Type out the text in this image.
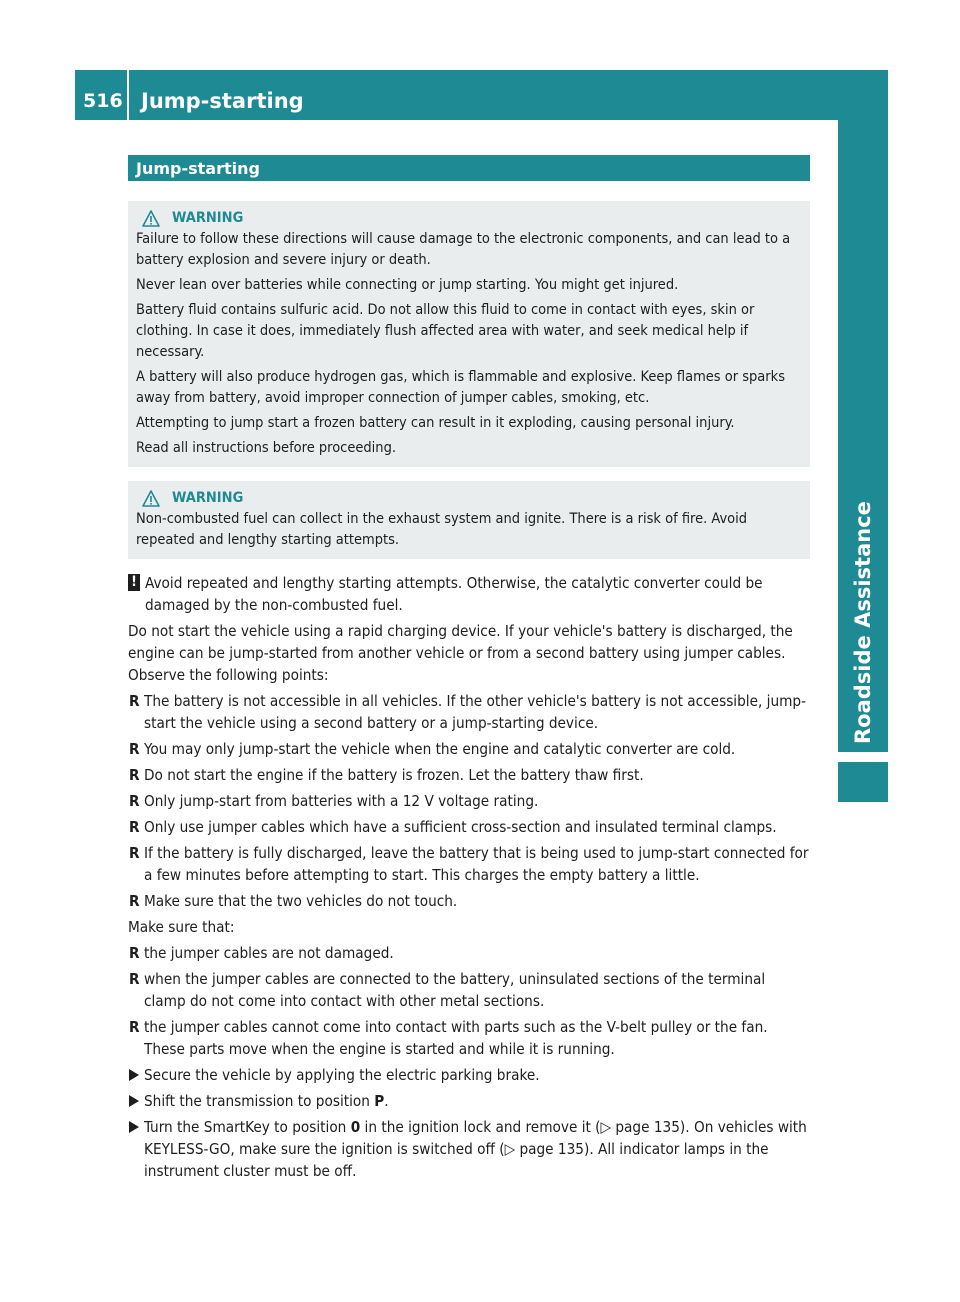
516 Jump-starting
Roadside Assistance
Jump-starting
WARNING

Failure to follow these directions will cause damage to the electronic components, and can lead to a battery explosion and severe injury or death.

Never lean over batteries while connecting or jump starting. You might get injured.

Battery fluid contains sulfuric acid. Do not allow this fluid to come in contact with eyes, skin or clothing. In case it does, immediately flush affected area with water, and seek medical help if necessary.

A battery will also produce hydrogen gas, which is flammable and explosive. Keep flames or sparks away from battery, avoid improper connection of jumper cables, smoking, etc.

Attempting to jump start a frozen battery can result in it exploding, causing personal injury.

Read all instructions before proceeding.

WARNING

Non-combusted fuel can collect in the exhaust system and ignite. There is a risk of fire. Avoid repeated and lengthy starting attempts.

! Avoid repeated and lengthy starting attempts. Otherwise, the catalytic converter could be damaged by the non-combusted fuel.

Do not start the vehicle using a rapid charging device. If your vehicle's battery is discharged, the engine can be jump-started from another vehicle or from a second battery using jumper cables. Observe the following points:

R The battery is not accessible in all vehicles. If the other vehicle's battery is not accessible, jump-start the vehicle using a second battery or a jump-starting device.
R You may only jump-start the vehicle when the engine and catalytic converter are cold.
R Do not start the engine if the battery is frozen. Let the battery thaw first.
R Only jump-start from batteries with a 12 V voltage rating.
R Only use jumper cables which have a sufficient cross-section and insulated terminal clamps.
R If the battery is fully discharged, leave the battery that is being used to jump-start connected for a few minutes before attempting to start. This charges the empty battery a little.
R Make sure that the two vehicles do not touch.

Make sure that:

R the jumper cables are not damaged.
R when the jumper cables are connected to the battery, uninsulated sections of the terminal clamp do not come into contact with other metal sections.
R the jumper cables cannot come into contact with parts such as the V-belt pulley or the fan. These parts move when the engine is started and while it is running.
Secure the vehicle by applying the electric parking brake.
Shift the transmission to position P.
Turn the SmartKey to position 0 in the ignition lock and remove it (▷ page 135). On vehicles with KEYLESS-GO, make sure the ignition is switched off (▷ page 135). All indicator lamps in the instrument cluster must be off.
